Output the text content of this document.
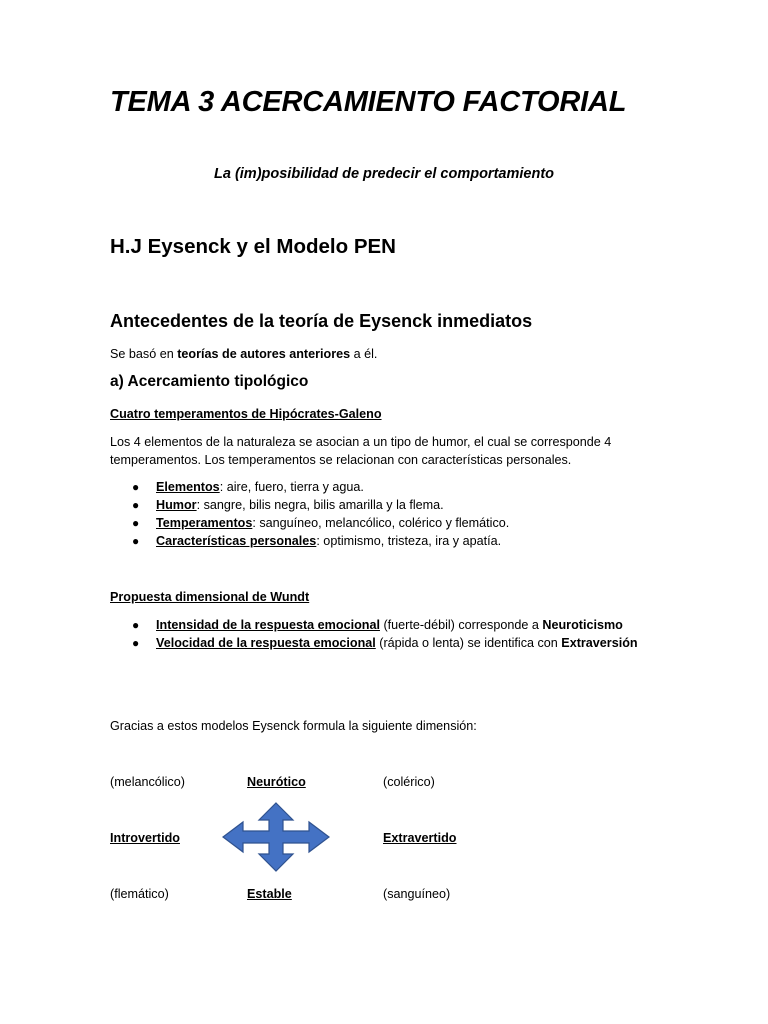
TEMA 3 ACERCAMIENTO FACTORIAL
La (im)posibilidad de predecir el comportamiento
H.J Eysenck y el Modelo PEN
Antecedentes de la teoría de Eysenck inmediatos
Se basó en teorías de autores anteriores a él.
a) Acercamiento tipológico
Cuatro temperamentos de Hipócrates-Galeno
Los 4 elementos de la naturaleza se asocian a un tipo de humor, el cual se corresponde 4 temperamentos. Los temperamentos se relacionan con características personales.
● Elementos: aire, fuero, tierra y agua.
● Humor: sangre, bilis negra, bilis amarilla y la flema.
● Temperamentos: sanguíneo, melancólico, colérico y flemático.
● Características personales: optimismo, tristeza, ira y apatía.
Propuesta dimensional de Wundt
● Intensidad de la respuesta emocional (fuerte-débil) corresponde a Neuroticismo
● Velocidad de la respuesta emocional (rápida o lenta) se identifica con Extraversión
Gracias a estos modelos Eysenck formula la siguiente dimensión:
(melancólico)	Neurótico	(colérico)
Introvertido	Extravertido
(flemático)	Estable	(sanguíneo)
